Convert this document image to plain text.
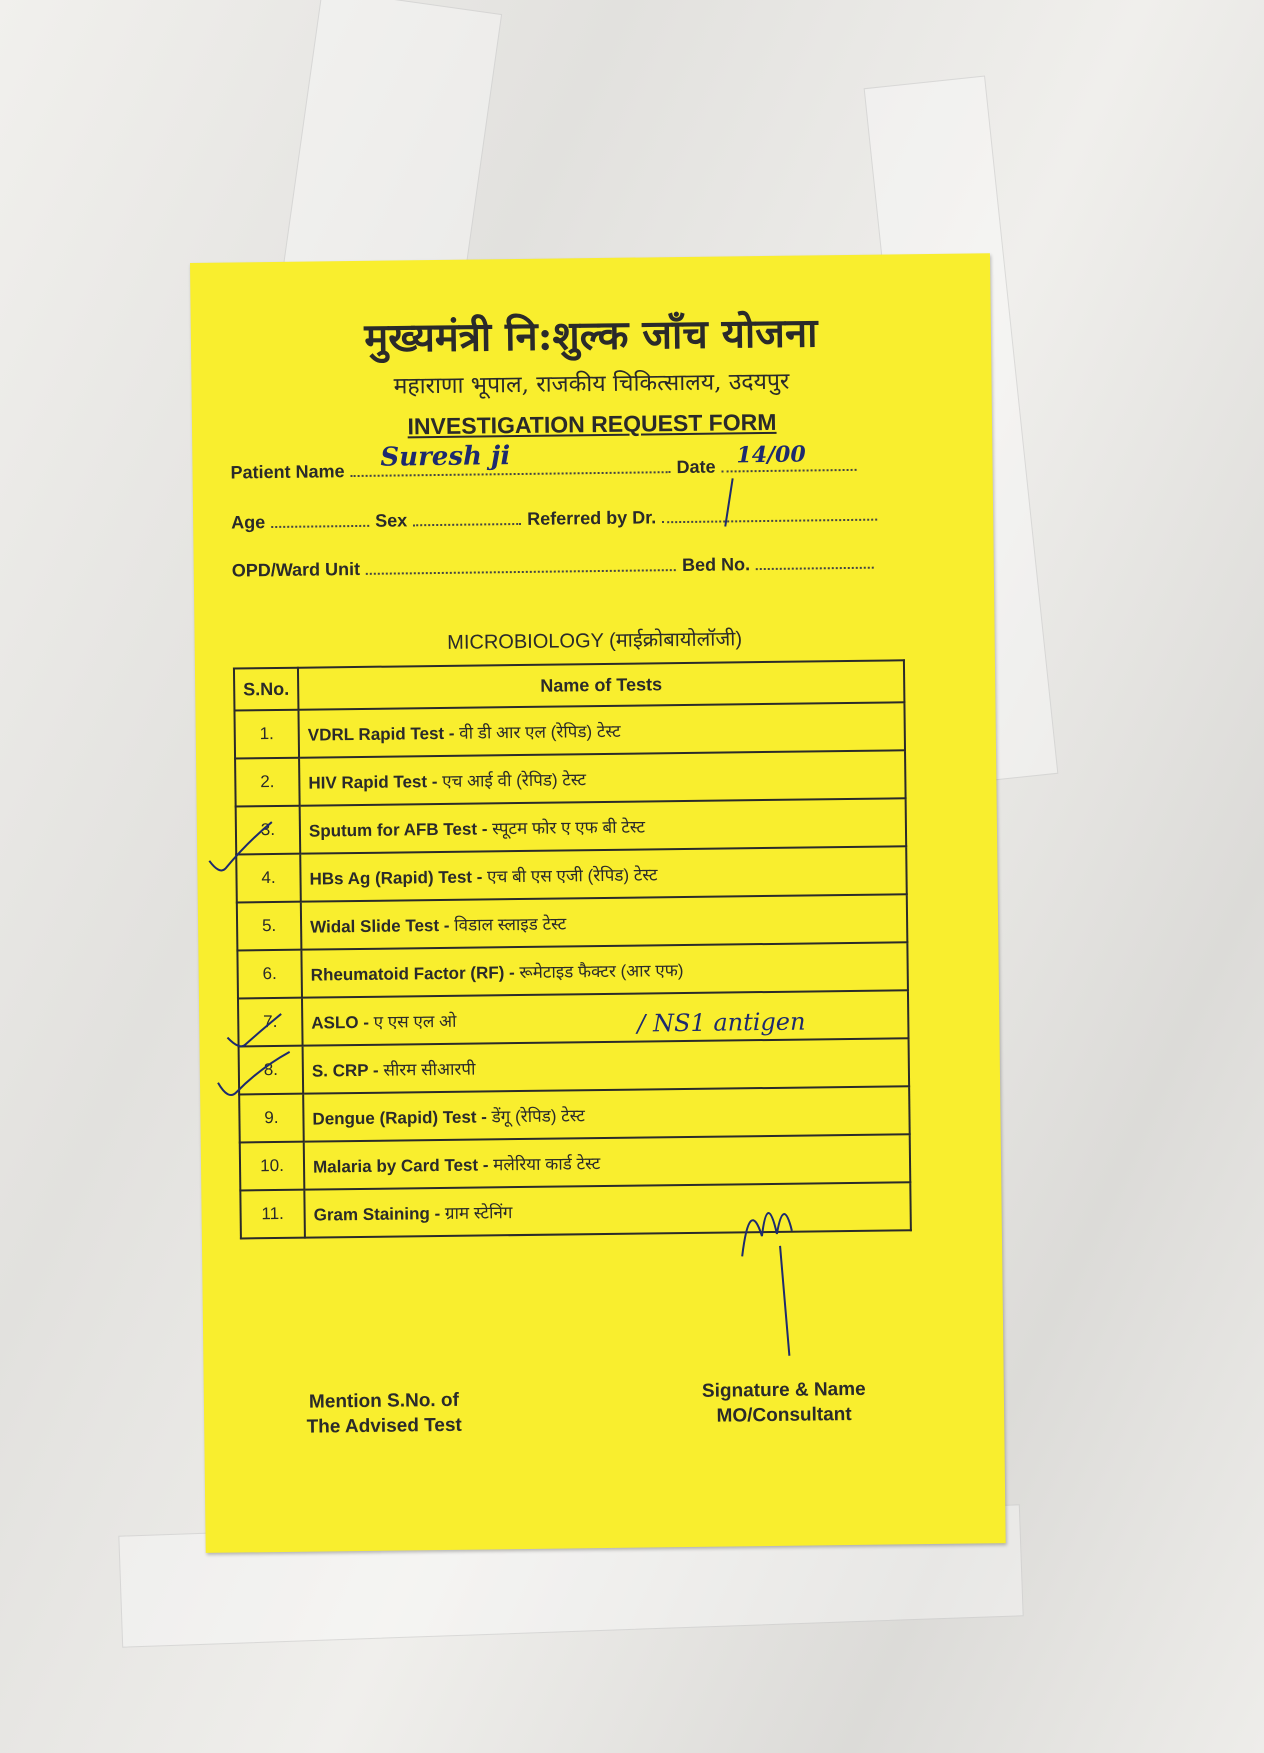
मुख्यमंत्री नि:शुल्क जाँच योजना
महाराणा भूपाल, राजकीय चिकित्सालय, उदयपुर
INVESTIGATION REQUEST FORM
Patient Name Suresh ji	Date 14/00
Age	Sex	Referred by Dr.
OPD/Ward Unit	Bed No.
MICROBIOLOGY (माईक्रोबायोलॉजी)
S.No.	Name of Tests
1.	VDRL Rapid Test - वी डी आर एल (रेपिड) टेस्ट
2.	HIV Rapid Test - एच आई वी (रेपिड) टेस्ट
3.	Sputum for AFB Test - स्पूटम फोर ए एफ बी टेस्ट
4.	HBs Ag (Rapid) Test - एच बी एस एजी (रेपिड) टेस्ट
5.	Widal Slide Test - विडाल स्लाइड टेस्ट
6.	Rheumatoid Factor (RF) - रूमेटाइड फैक्टर (आर एफ)
7.	ASLO - ए एस एल ओ
8.	S. CRP - सीरम सीआरपी
9.	Dengue (Rapid) Test - डेंगू (रेपिड) टेस्ट
10.	Malaria by Card Test - मलेरिया कार्ड टेस्ट
11.	Gram Staining - ग्राम स्टेनिंग
/ NS1 antigen
Mention S.No. of
The Advised Test
Signature & Name
MO/Consultant
